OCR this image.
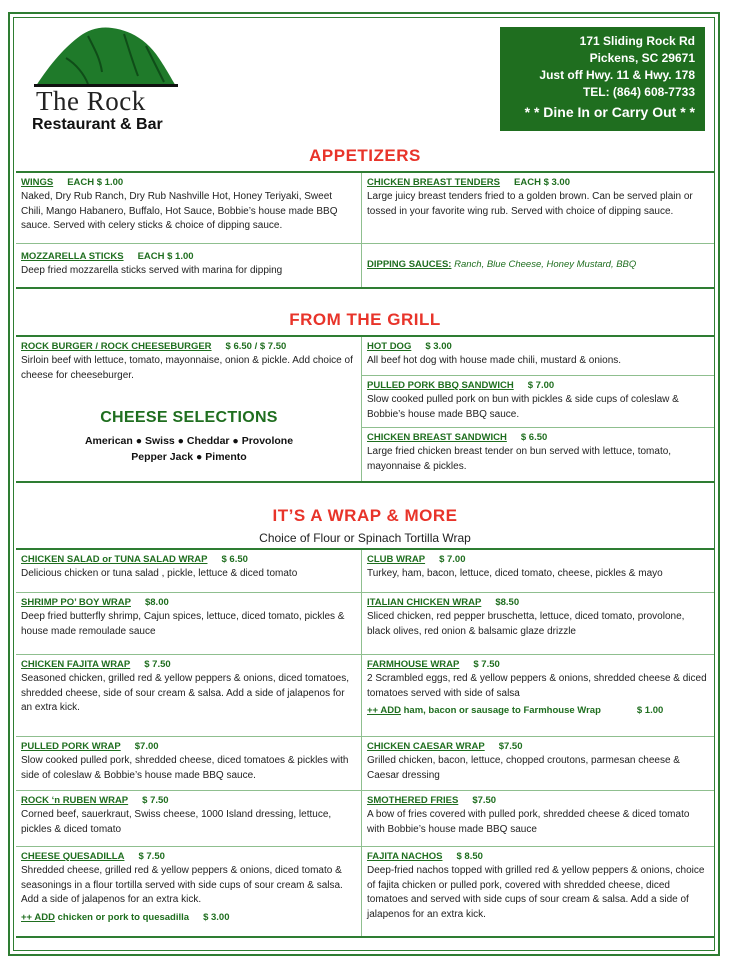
The Rock
Restaurant & Bar
171 Sliding Rock Rd
Pickens, SC 29671
Just off Hwy. 11 & Hwy. 178
TEL: (864) 608-7733
* * Dine In or Carry Out * *
APPETIZERS
WINGS EACH $ 1.00
Naked, Dry Rub Ranch, Dry Rub Nashville Hot, Honey Teriyaki, Sweet Chili, Mango Habanero, Buffalo, Hot Sauce, Bobbie’s house made BBQ sauce. Served with celery sticks & choice of dipping sauce.
CHICKEN BREAST TENDERS EACH $ 3.00
Large juicy breast tenders fried to a golden brown. Can be served plain or tossed in your favorite wing rub. Served with choice of dipping sauce.
MOZZARELLA STICKS EACH $ 1.00
Deep fried mozzarella sticks served with marina for dipping
DIPPING SAUCES: Ranch, Blue Cheese, Honey Mustard, BBQ
FROM THE GRILL
ROCK BURGER / ROCK CHEESEBURGER $ 6.50 / $ 7.50
Sirloin beef with lettuce, tomato, mayonnaise, onion & pickle. Add choice of cheese for cheeseburger.
CHEESE SELECTIONS
American ● Swiss ● Cheddar ● Provolone
Pepper Jack ● Pimento
HOT DOG $ 3.00
All beef hot dog with house made chili, mustard & onions.
PULLED PORK BBQ SANDWICH $ 7.00
Slow cooked pulled pork on bun with pickles & side cups of coleslaw & Bobbie’s house made BBQ sauce.
CHICKEN BREAST SANDWICH $ 6.50
Large fried chicken breast tender on bun served with lettuce, tomato, mayonnaise & pickles.
IT’S A WRAP & MORE
Choice of Flour or Spinach Tortilla Wrap
CHICKEN SALAD or TUNA SALAD WRAP $ 6.50
Delicious chicken or tuna salad , pickle, lettuce & diced tomato
CLUB WRAP $ 7.00
Turkey, ham, bacon, lettuce, diced tomato, cheese, pickles & mayo
SHRIMP PO’ BOY WRAP $8.00
Deep fried butterfly shrimp, Cajun spices, lettuce, diced tomato, pickles & house made remoulade sauce
ITALIAN CHICKEN WRAP $8.50
Sliced chicken, red pepper bruschetta, lettuce, diced tomato, provolone, black olives, red onion & balsamic glaze drizzle
CHICKEN FAJITA WRAP $ 7.50
Seasoned chicken, grilled red & yellow peppers & onions, diced tomatoes, shredded cheese, side of sour cream & salsa. Add a side of jalapenos for an extra kick.
FARMHOUSE WRAP $ 7.50
2 Scrambled eggs, red & yellow peppers & onions, shredded cheese & diced tomatoes served with side of salsa
++ ADD ham, bacon or sausage to Farmhouse Wrap	$ 1.00
PULLED PORK WRAP $7.00
Slow cooked pulled pork, shredded cheese, diced tomatoes & pickles with side of coleslaw & Bobbie’s house made BBQ sauce.
CHICKEN CAESAR WRAP $7.50
Grilled chicken, bacon, lettuce, chopped croutons, parmesan cheese & Caesar dressing
ROCK ‘n RUBEN WRAP $ 7.50
Corned beef, sauerkraut, Swiss cheese, 1000 Island dressing, lettuce, pickles & diced tomato
SMOTHERED FRIES $7.50
A bow of fries covered with pulled pork, shredded cheese & diced tomato with Bobbie’s house made BBQ sauce
CHEESE QUESADILLA $ 7.50
Shredded cheese, grilled red & yellow peppers & onions, diced tomato & seasonings in a flour tortilla served with side cups of sour cream & salsa. Add a side of jalapenos for an extra kick.
++ ADD chicken or pork to quesadilla $ 3.00
FAJITA NACHOS $ 8.50
Deep-fried nachos topped with grilled red & yellow peppers & onions, choice of fajita chicken or pulled pork, covered with shredded cheese, diced tomatoes and served with side cups of sour cream & salsa. Add a side of jalapenos for an extra kick.
